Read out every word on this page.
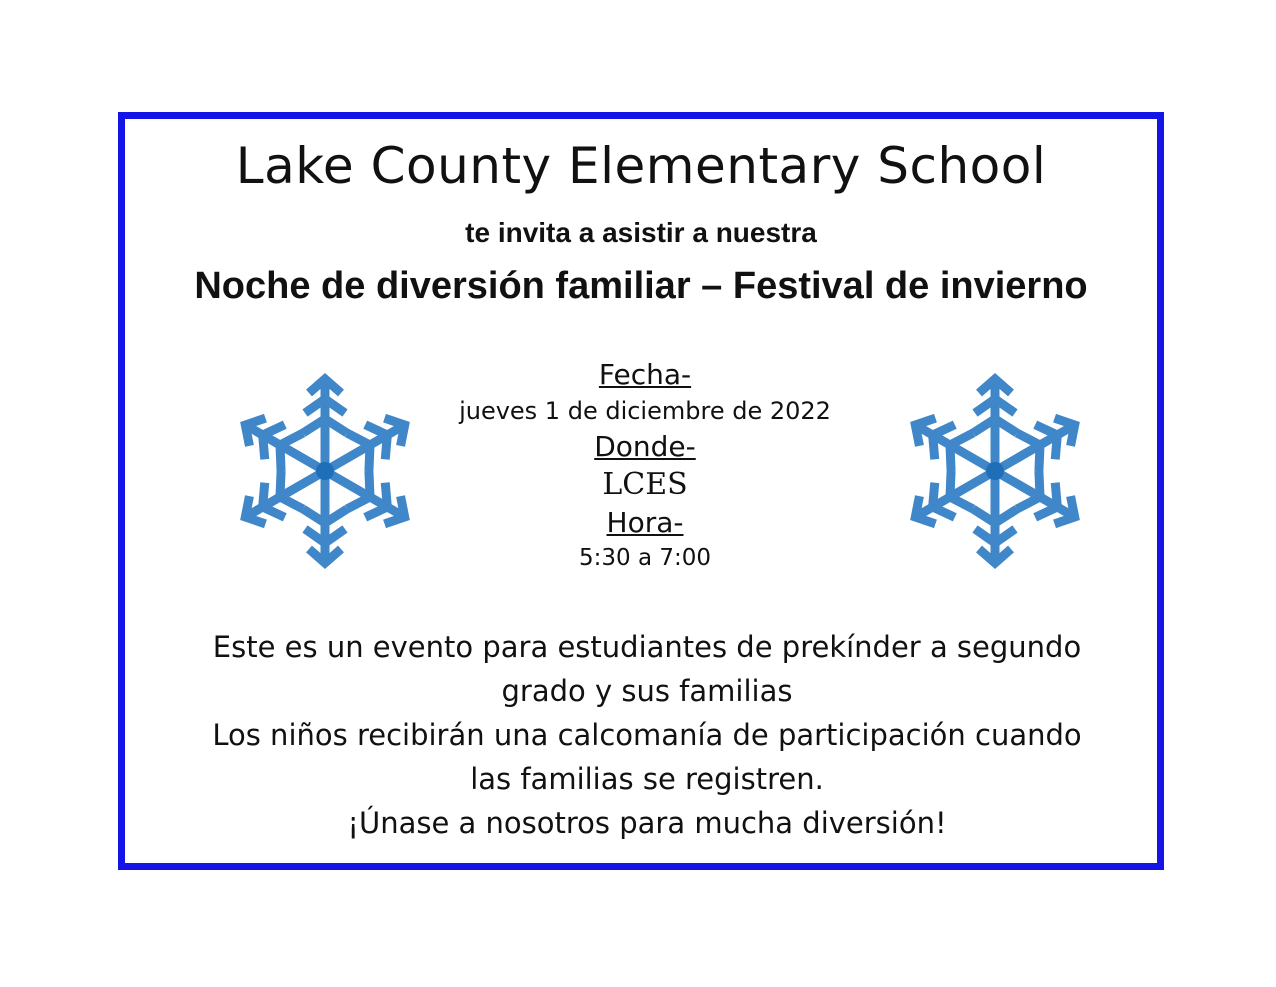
Lake County Elementary School
te invita a asistir a nuestra
Noche de diversión familiar – Festival de invierno
Fecha-
jueves 1 de diciembre de 2022
Donde-
LCES
Hora-
5:30 a 7:00

Este es un evento para estudiantes de prekínder a segundo

grado y sus familias

Los niños recibirán una calcomanía de participación cuando

las familias se registren.

¡Únase a nosotros para mucha diversión!
